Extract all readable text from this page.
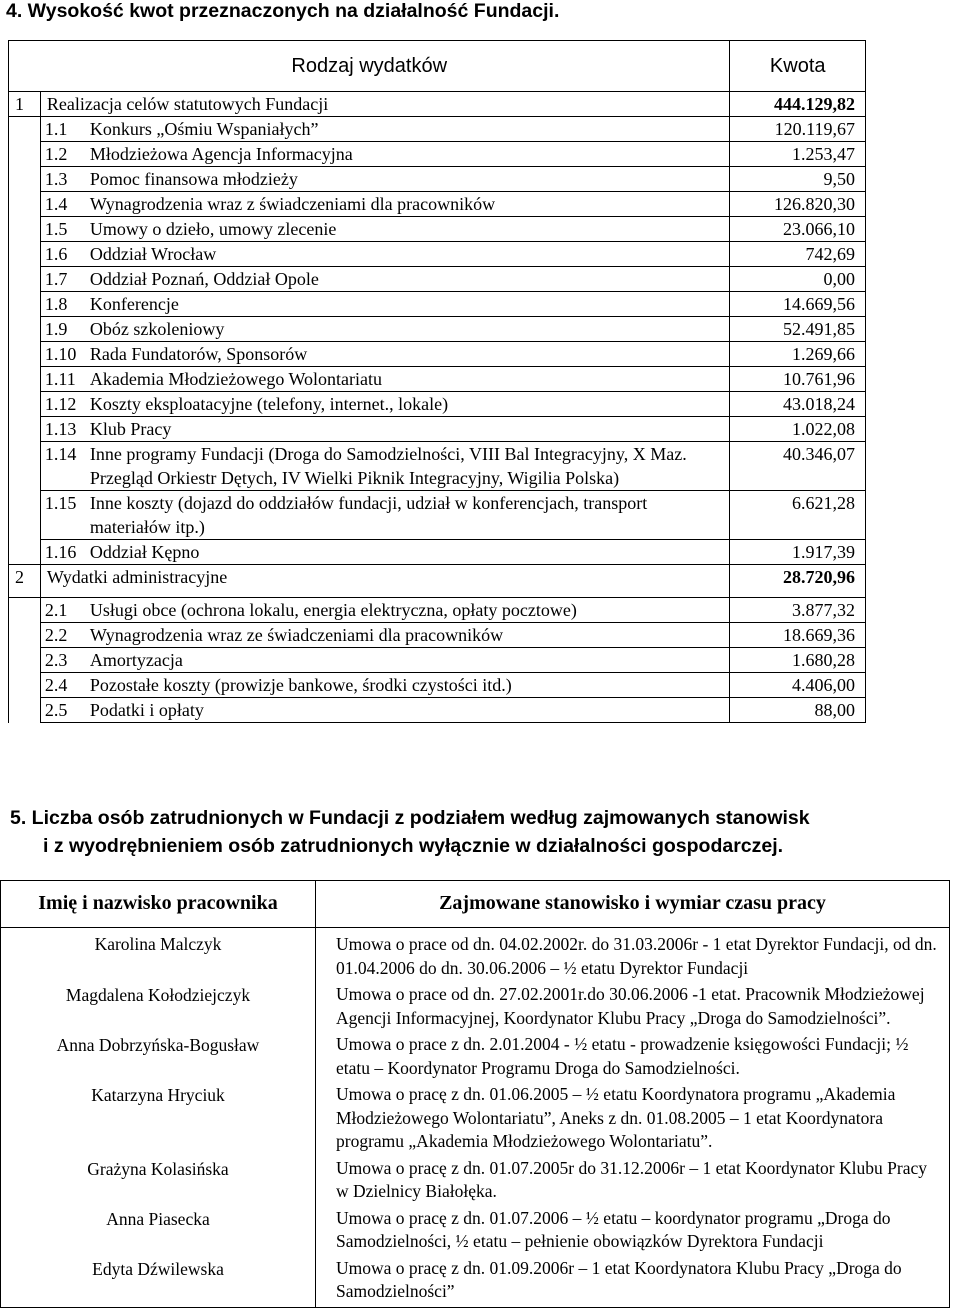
4. Wysokość kwot przeznaczonych na działalność Fundacji.
Rodzaj wydatków		Kwota
1	Realizacja celów statutowych Fundacji	444.129,82
	1.1 Konkurs „Ośmiu Wspaniałych”	120.119,67
	1.2 Młodzieżowa Agencja Informacyjna	1.253,47
	1.3 Pomoc finansowa młodzieży	9,50
	1.4 Wynagrodzenia wraz z świadczeniami dla pracowników	126.820,30
	1.5 Umowy o dzieło, umowy zlecenie	23.066,10
	1.6 Oddział Wrocław	742,69
	1.7 Oddział Poznań, Oddział Opole	0,00
	1.8 Konferencje	14.669,56
	1.9 Obóz szkoleniowy	52.491,85
	1.10 Rada Fundatorów, Sponsorów	1.269,66
	1.11 Akademia Młodzieżowego Wolontariatu	10.761,96
	1.12 Koszty eksploatacyjne (telefony, internet., lokale)	43.018,24
	1.13 Klub Pracy	1.022,08
	1.14 Inne programy Fundacji (Droga do Samodzielności, VIII Bal Integracyjny, X Maz. Przegląd Orkiestr Dętych, IV Wielki Piknik Integracyjny, Wigilia Polska)	40.346,07
	1.15 Inne koszty (dojazd do oddziałów fundacji, udział w konferencjach, transport materiałów itp.)	6.621,28
	1.16 Oddział Kępno	1.917,39
2	Wydatki administracyjne	28.720,96
	2.1 Usługi obce (ochrona lokalu, energia elektryczna, opłaty pocztowe)	3.877,32
	2.2 Wynagrodzenia wraz ze świadczeniami dla pracowników	18.669,36
	2.3 Amortyzacja	1.680,28
	2.4 Pozostałe koszty (prowizje bankowe, środki czystości itd.)	4.406,00
	2.5 Podatki i opłaty	88,00
5. Liczba osób zatrudnionych w Fundacji z podziałem według zajmowanych stanowisk
i z wyodrębnieniem osób zatrudnionych wyłącznie w działalności gospodarczej.
Imię i nazwisko pracownika	Zajmowane stanowisko i wymiar czasu pracy
Karolina Malczyk	Umowa o prace od dn. 04.02.2002r. do 31.03.2006r - 1 etat Dyrektor Fundacji, od dn. 01.04.2006 do dn. 30.06.2006 – ½ etatu Dyrektor Fundacji
Magdalena Kołodziejczyk	Umowa o prace od dn. 27.02.2001r.do 30.06.2006 -1 etat. Pracownik Młodzieżowej Agencji Informacyjnej, Koordynator Klubu Pracy „Droga do Samodzielności”.
Anna Dobrzyńska-Bogusław	Umowa o prace z dn. 2.01.2004 - ½ etatu - prowadzenie księgowości Fundacji; ½ etatu – Koordynator Programu Droga do Samodzielności.
Katarzyna Hryciuk	Umowa o pracę z dn. 01.06.2005 – ½ etatu Koordynatora programu „Akademia Młodzieżowego Wolontariatu”, Aneks z dn. 01.08.2005 – 1 etat Koordynatora programu „Akademia Młodzieżowego Wolontariatu”.
Grażyna Kolasińska	Umowa o pracę z dn. 01.07.2005r do 31.12.2006r – 1 etat Koordynator Klubu Pracy w Dzielnicy Białołęka.
Anna Piasecka	Umowa o pracę z dn. 01.07.2006 – ½ etatu – koordynator programu „Droga do Samodzielności, ½ etatu – pełnienie obowiązków Dyrektora Fundacji
Edyta Dźwilewska	Umowa o pracę z dn. 01.09.2006r – 1 etat Koordynatora Klubu Pracy „Droga do Samodzielności”
